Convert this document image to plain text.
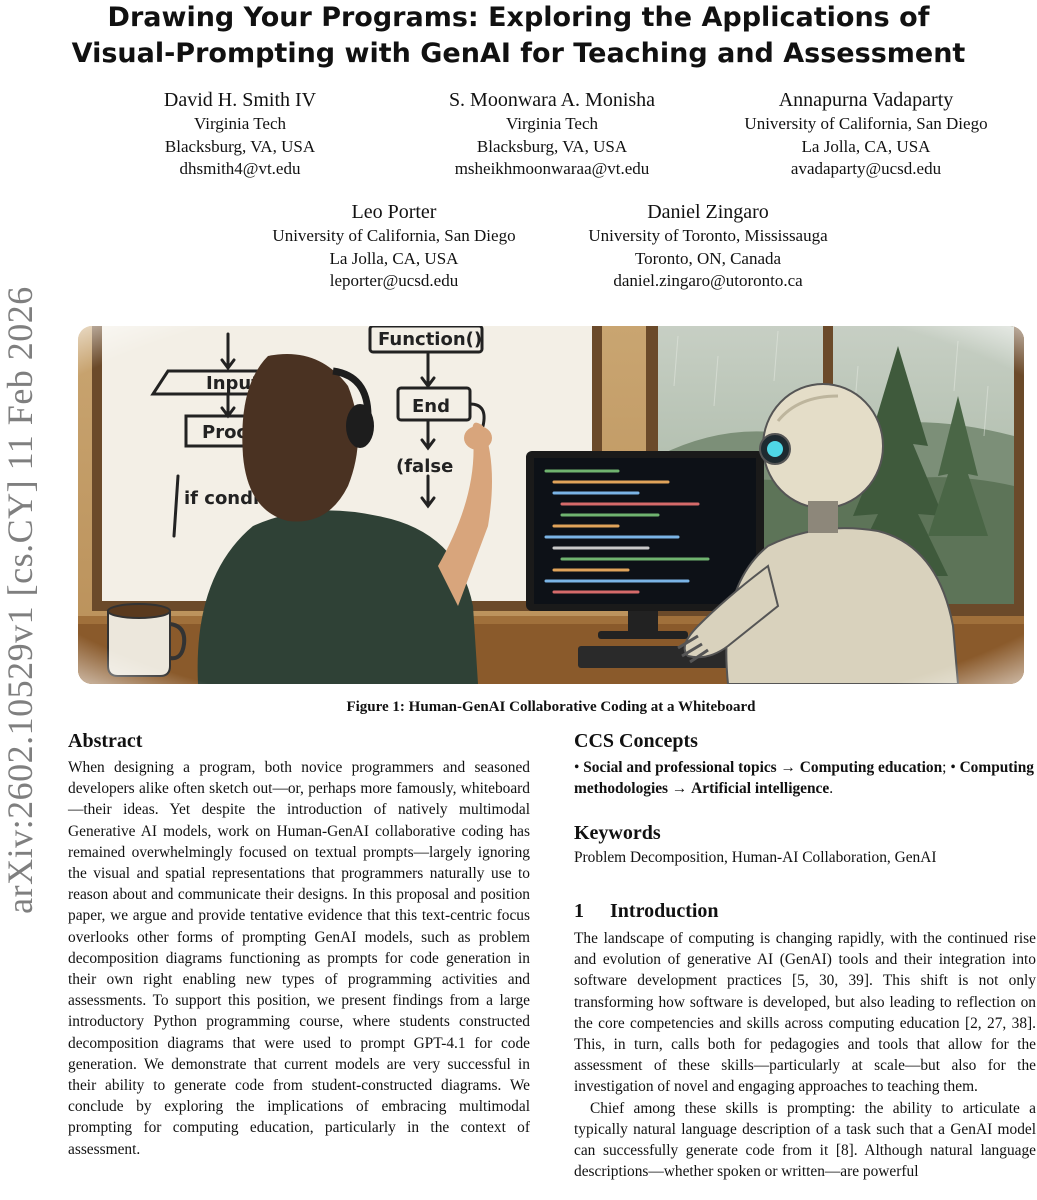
Drawing Your Programs: Exploring the Applications of
Visual-Prompting with GenAI for Teaching and Assessment
David H. Smith IV
Virginia Tech
Blacksburg, VA, USA
dhsmith4@vt.edu
S. Moonwara A. Monisha
Virginia Tech
Blacksburg, VA, USA
msheikhmoonwaraa@vt.edu
Annapurna Vadaparty
University of California, San Diego
La Jolla, CA, USA
avadaparty@ucsd.edu
Leo Porter
University of California, San Diego
La Jolla, CA, USA
leporter@ucsd.edu
Daniel Zingaro
University of Toronto, Mississauga
Toronto, ON, Canada
daniel.zingaro@utoronto.ca
arXiv:2602.10529v1 [cs.CY] 11 Feb 2026	Figure 1: Human-GenAI Collaborative Coding at a Whiteboard
Abstract

When designing a program, both novice programmers and seasoned developers alike often sketch out—or, perhaps more famously, whiteboard—their ideas. Yet despite the introduction of natively multimodal Generative AI models, work on Human-GenAI collaborative coding has remained overwhelmingly focused on textual prompts—largely ignoring the visual and spatial representations that programmers naturally use to reason about and communicate their designs. In this proposal and position paper, we argue and provide tentative evidence that this text-centric focus overlooks other forms of prompting GenAI models, such as problem decomposition diagrams functioning as prompts for code generation in their own right enabling new types of programming activities and assessments. To support this position, we present findings from a large introductory Python programming course, where students constructed decomposition diagrams that were used to prompt GPT-4.1 for code generation. We demonstrate that current models are very successful in their ability to generate code from student-constructed diagrams. We conclude by exploring the implications of embracing multimodal prompting for computing education, particularly in the context of assessment.

CCS Concepts
• Social and professional topics → Computing education; • Computing methodologies → Artificial intelligence.
Keywords
Problem Decomposition, Human-AI Collaboration, GenAI
1 Introduction

The landscape of computing is changing rapidly, with the continued rise and evolution of generative AI (GenAI) tools and their integration into software development practices [5, 30, 39]. This shift is not only transforming how software is developed, but also leading to reflection on the core competencies and skills across computing education [2, 27, 38]. This, in turn, calls both for pedagogies and tools that allow for the assessment of these skills—particularly at scale—but also for the investigation of novel and engaging approaches to teaching them.

Chief among these skills is prompting: the ability to articulate a typically natural language description of a task such that a GenAI model can successfully generate code from it [8]. Although natural language descriptions—whether spoken or written—are powerful
